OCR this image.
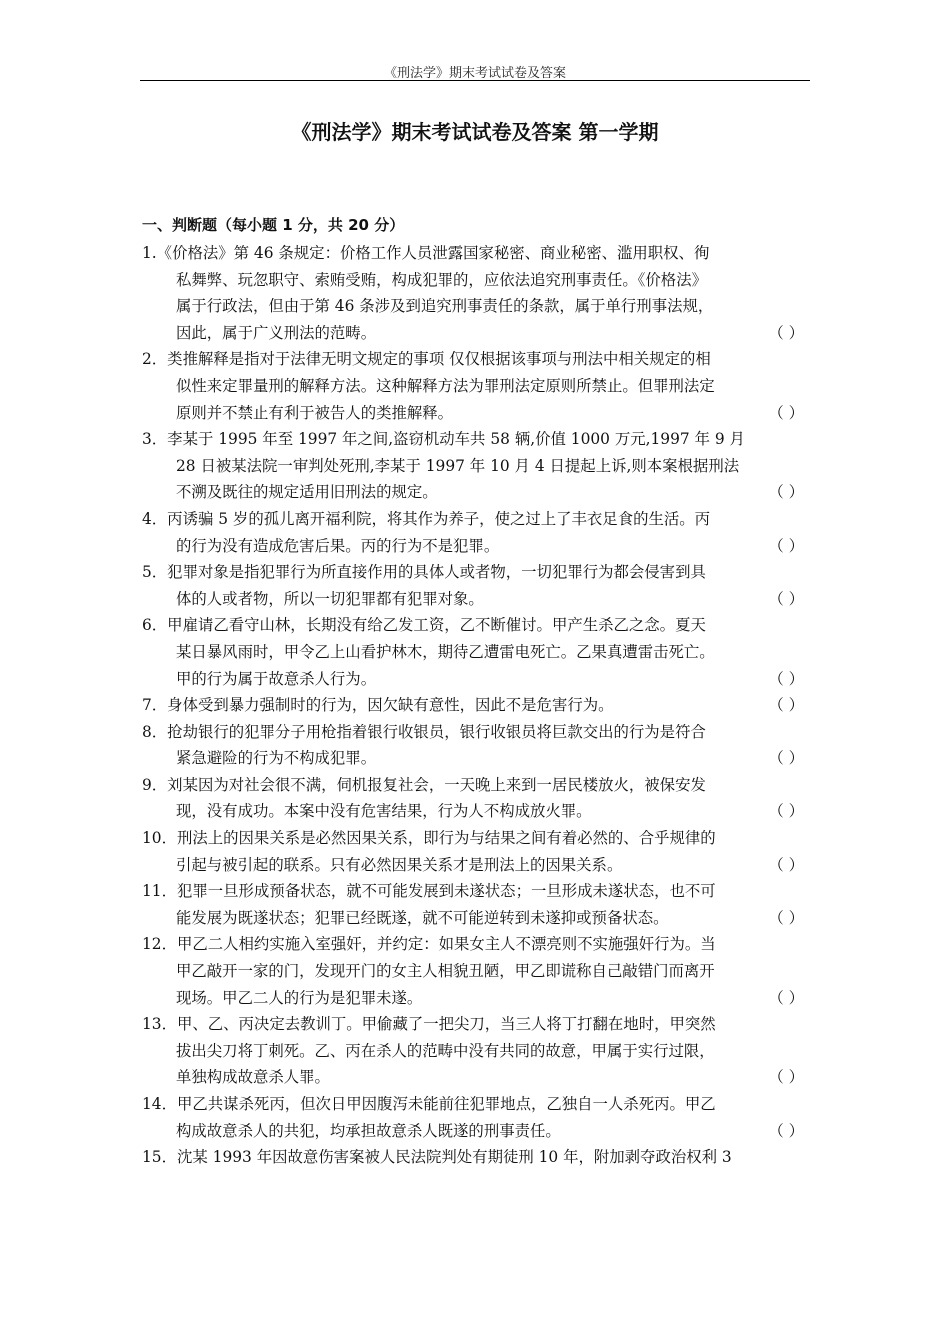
《刑法学》期末考试试卷及答案
《刑法学》期末考试试卷及答案 第一学期
一、判断题（每小题 1 分，共 20 分）
1.《价格法》第 46 条规定：价格工作人员泄露国家秘密、商业秘密、滥用职权、徇
私舞弊、玩忽职守、索贿受贿，构成犯罪的，应依法追究刑事责任。《价格法》
属于行政法，但由于第 46 条涉及到追究刑事责任的条款，属于单行刑事法规，
因此，属于广义刑法的范畴。	（ ）
2．类推解释是指对于法律无明文规定的事项 仅仅根据该事项与刑法中相关规定的相
似性来定罪量刑的解释方法。这种解释方法为罪刑法定原则所禁止。但罪刑法定
原则并不禁止有利于被告人的类推解释。	（ ）
3．李某于 1995 年至 1997 年之间,盗窃机动车共 58 辆,价值 1000 万元,1997 年 9 月
28 日被某法院一审判处死刑,李某于 1997 年 10 月 4 日提起上诉,则本案根据刑法
不溯及既往的规定适用旧刑法的规定。	（ ）
4．丙诱骗 5 岁的孤儿离开福利院，将其作为养子，使之过上了丰衣足食的生活。丙
的行为没有造成危害后果。丙的行为不是犯罪。	（ ）
5．犯罪对象是指犯罪行为所直接作用的具体人或者物，一切犯罪行为都会侵害到具
体的人或者物，所以一切犯罪都有犯罪对象。	（ ）
6．甲雇请乙看守山林，长期没有给乙发工资，乙不断催讨。甲产生杀乙之念。夏天
某日暴风雨时，甲令乙上山看护林木，期待乙遭雷电死亡。乙果真遭雷击死亡。
甲的行为属于故意杀人行为。	（ ）
7．身体受到暴力强制时的行为，因欠缺有意性，因此不是危害行为。	（ ）
8．抢劫银行的犯罪分子用枪指着银行收银员，银行收银员将巨款交出的行为是符合
紧急避险的行为不构成犯罪。	（ ）
9．刘某因为对社会很不满，伺机报复社会，一天晚上来到一居民楼放火，被保安发
现，没有成功。本案中没有危害结果，行为人不构成放火罪。	（ ）
10．刑法上的因果关系是必然因果关系，即行为与结果之间有着必然的、合乎规律的
引起与被引起的联系。只有必然因果关系才是刑法上的因果关系。	（ ）
11．犯罪一旦形成预备状态，就不可能发展到未遂状态；一旦形成未遂状态，也不可
能发展为既遂状态；犯罪已经既遂，就不可能逆转到未遂抑或预备状态。	（ ）
12．甲乙二人相约实施入室强奸，并约定：如果女主人不漂亮则不实施强奸行为。当
甲乙敲开一家的门，发现开门的女主人相貌丑陋，甲乙即谎称自己敲错门而离开
现场。甲乙二人的行为是犯罪未遂。	（ ）
13．甲、乙、丙决定去教训丁。甲偷藏了一把尖刀，当三人将丁打翻在地时，甲突然
拔出尖刀将丁刺死。乙、丙在杀人的范畴中没有共同的故意，甲属于实行过限，
单独构成故意杀人罪。	（ ）
14．甲乙共谋杀死丙，但次日甲因腹泻未能前往犯罪地点，乙独自一人杀死丙。甲乙
构成故意杀人的共犯，均承担故意杀人既遂的刑事责任。	（ ）
15．沈某 1993 年因故意伤害案被人民法院判处有期徒刑 10 年，附加剥夺政治权利 3
